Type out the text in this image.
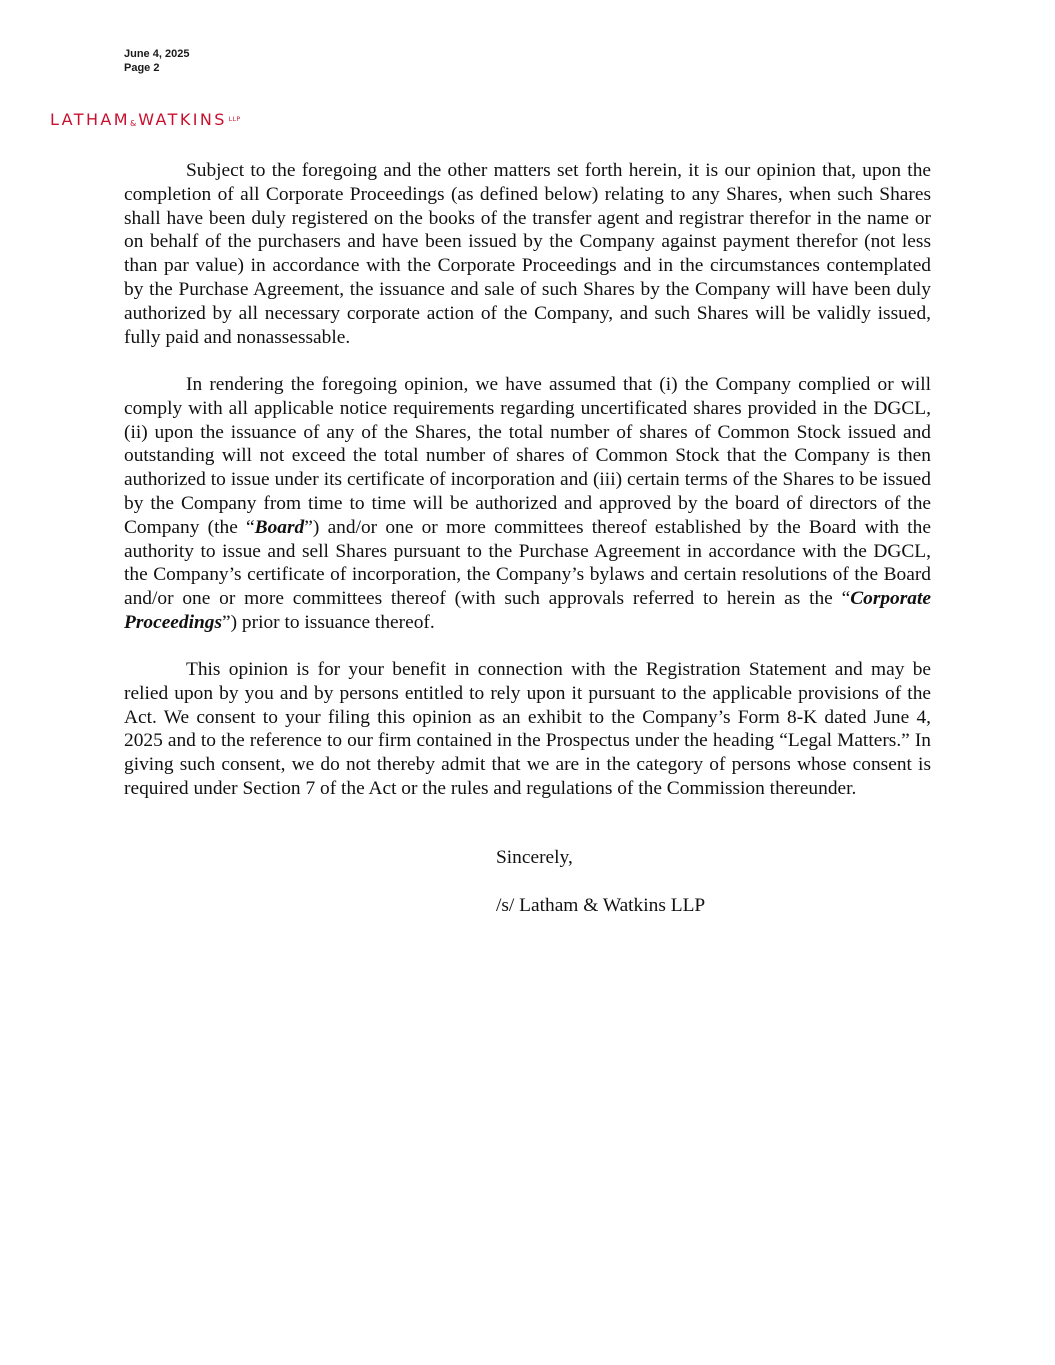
June 4, 2025
Page 2
LATHAM & WATKINS LLP

Subject to the foregoing and the other matters set forth herein, it is our opinion that, upon the completion of all Corporate Proceedings (as defined below) relating to any Shares, when such Shares shall have been duly registered on the books of the transfer agent and registrar therefor in the name or on behalf of the purchasers and have been issued by the Company against payment therefor (not less than par value) in accordance with the Corporate Proceedings and in the circumstances contemplated by the Purchase Agreement, the issuance and sale of such Shares by the Company will have been duly authorized by all necessary corporate action of the Company, and such Shares will be validly issued, fully paid and nonassessable.

In rendering the foregoing opinion, we have assumed that (i) the Company complied or will comply with all applicable notice requirements regarding uncertificated shares provided in the DGCL, (ii) upon the issuance of any of the Shares, the total number of shares of Common Stock issued and outstanding will not exceed the total number of shares of Common Stock that the Company is then authorized to issue under its certificate of incorporation and (iii) certain terms of the Shares to be issued by the Company from time to time will be authorized and approved by the board of directors of the Company (the “Board”) and/or one or more committees thereof established by the Board with the authority to issue and sell Shares pursuant to the Purchase Agreement in accordance with the DGCL, the Company’s certificate of incorporation, the Company’s bylaws and certain resolutions of the Board and/or one or more committees thereof (with such approvals referred to herein as the “Corporate Proceedings”) prior to issuance thereof.

This opinion is for your benefit in connection with the Registration Statement and may be relied upon by you and by persons entitled to rely upon it pursuant to the applicable provisions of the Act. We consent to your filing this opinion as an exhibit to the Company’s Form 8-K dated June 4, 2025 and to the reference to our firm contained in the Prospectus under the heading “Legal Matters.” In giving such consent, we do not thereby admit that we are in the category of persons whose consent is required under Section 7 of the Act or the rules and regulations of the Commission thereunder.

Sincerely,
/s/ Latham & Watkins LLP
